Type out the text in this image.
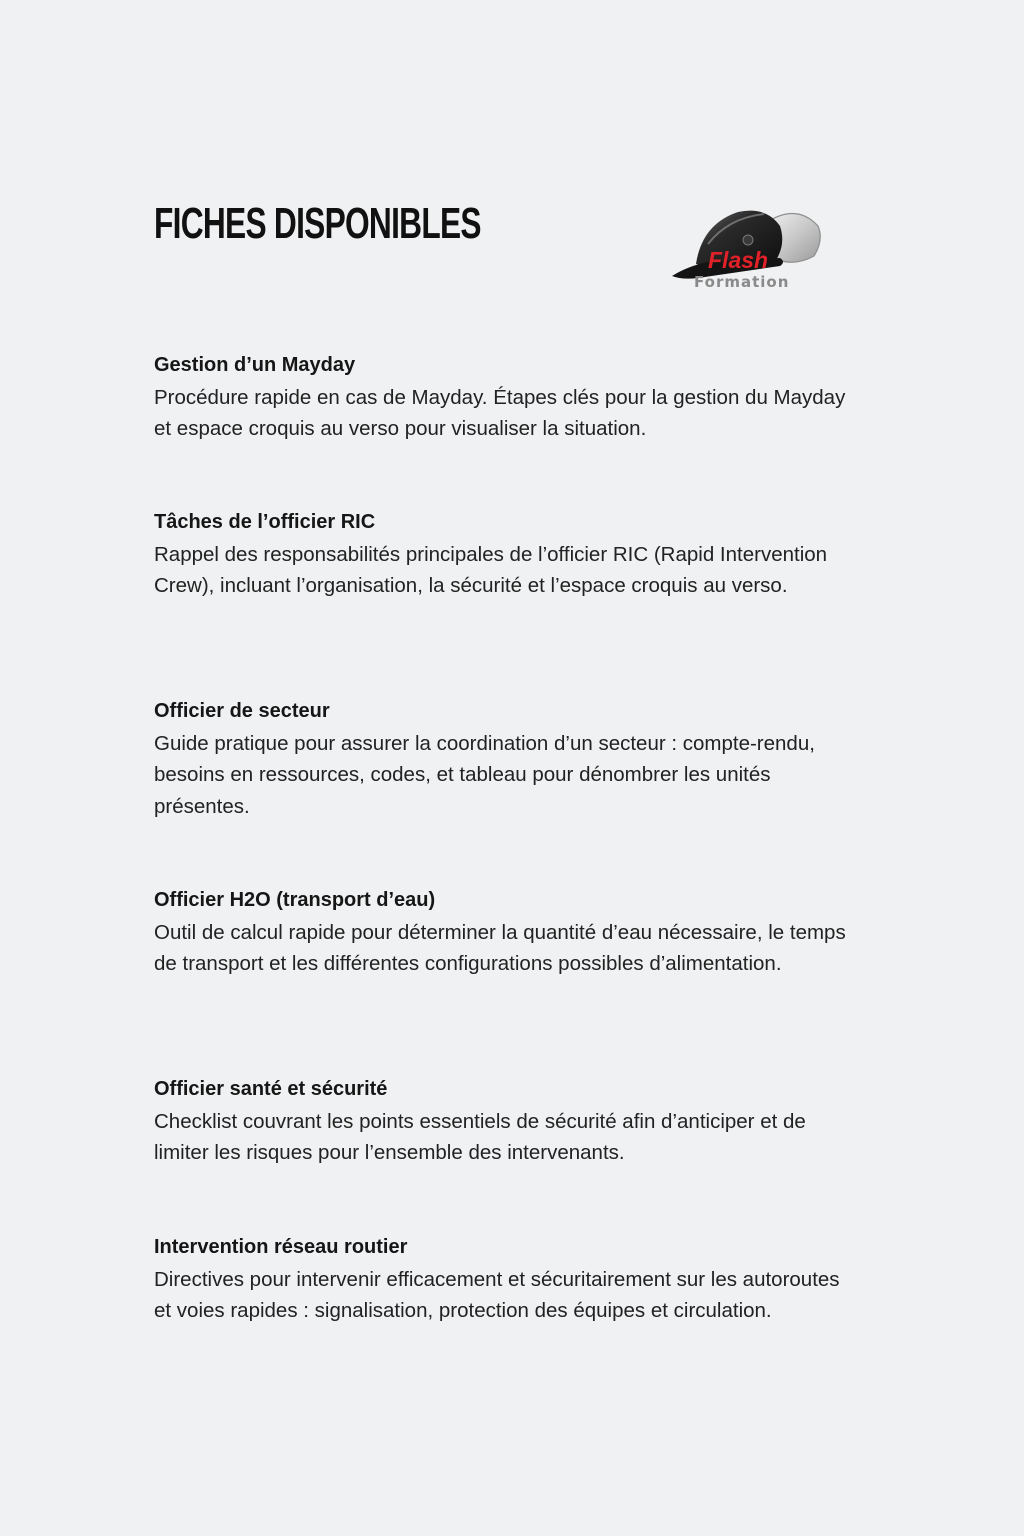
FICHES DISPONIBLES
Flash
Formation

Gestion d’un Mayday

Procédure rapide en cas de Mayday. Étapes clés pour la gestion du Mayday et espace croquis au verso pour visualiser la situation.

Tâches de l’officier RIC

Rappel des responsabilités principales de l’officier RIC (Rapid Intervention Crew), incluant l’organisation, la sécurité et l’espace croquis au verso.

Officier de secteur

Guide pratique pour assurer la coordination d’un secteur : compte-rendu, besoins en ressources, codes, et tableau pour dénombrer les unités présentes.

Officier H2O (transport d’eau)

Outil de calcul rapide pour déterminer la quantité d’eau nécessaire, le temps de transport et les différentes configurations possibles d’alimentation.

Officier santé et sécurité

Checklist couvrant les points essentiels de sécurité afin d’anticiper et de limiter les risques pour l’ensemble des intervenants.

Intervention réseau routier

Directives pour intervenir efficacement et sécuritairement sur les autoroutes et voies rapides : signalisation, protection des équipes et circulation.
